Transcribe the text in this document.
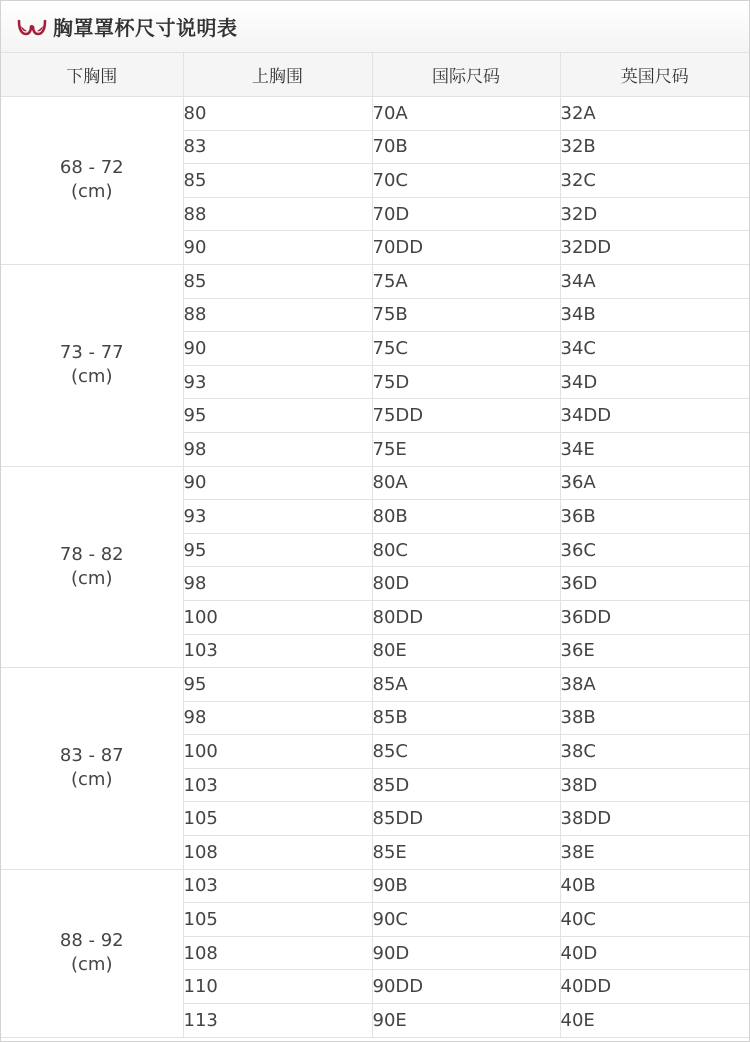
胸罩罩杯尺寸说明表
下胸围	上胸围	国际尺码	英国尺码

68 - 72
(cm)	80	70A	32A
	83	70B	32B
	85	70C	32C
	88	70D	32D
	90	70DD	32DD

73 - 77
(cm)	85	75A	34A
	88	75B	34B
	90	75C	34C
	93	75D	34D
	95	75DD	34DD
	98	75E	34E

78 - 82
(cm)	90	80A	36A
	93	80B	36B
	95	80C	36C
	98	80D	36D
	100	80DD	36DD
	103	80E	36E

83 - 87
(cm)	95	85A	38A
	98	85B	38B
	100	85C	38C
	103	85D	38D
	105	85DD	38DD
	108	85E	38E

88 - 92
(cm)	103	90B	40B
	105	90C	40C
	108	90D	40D
	110	90DD	40DD
	113	90E	40E
